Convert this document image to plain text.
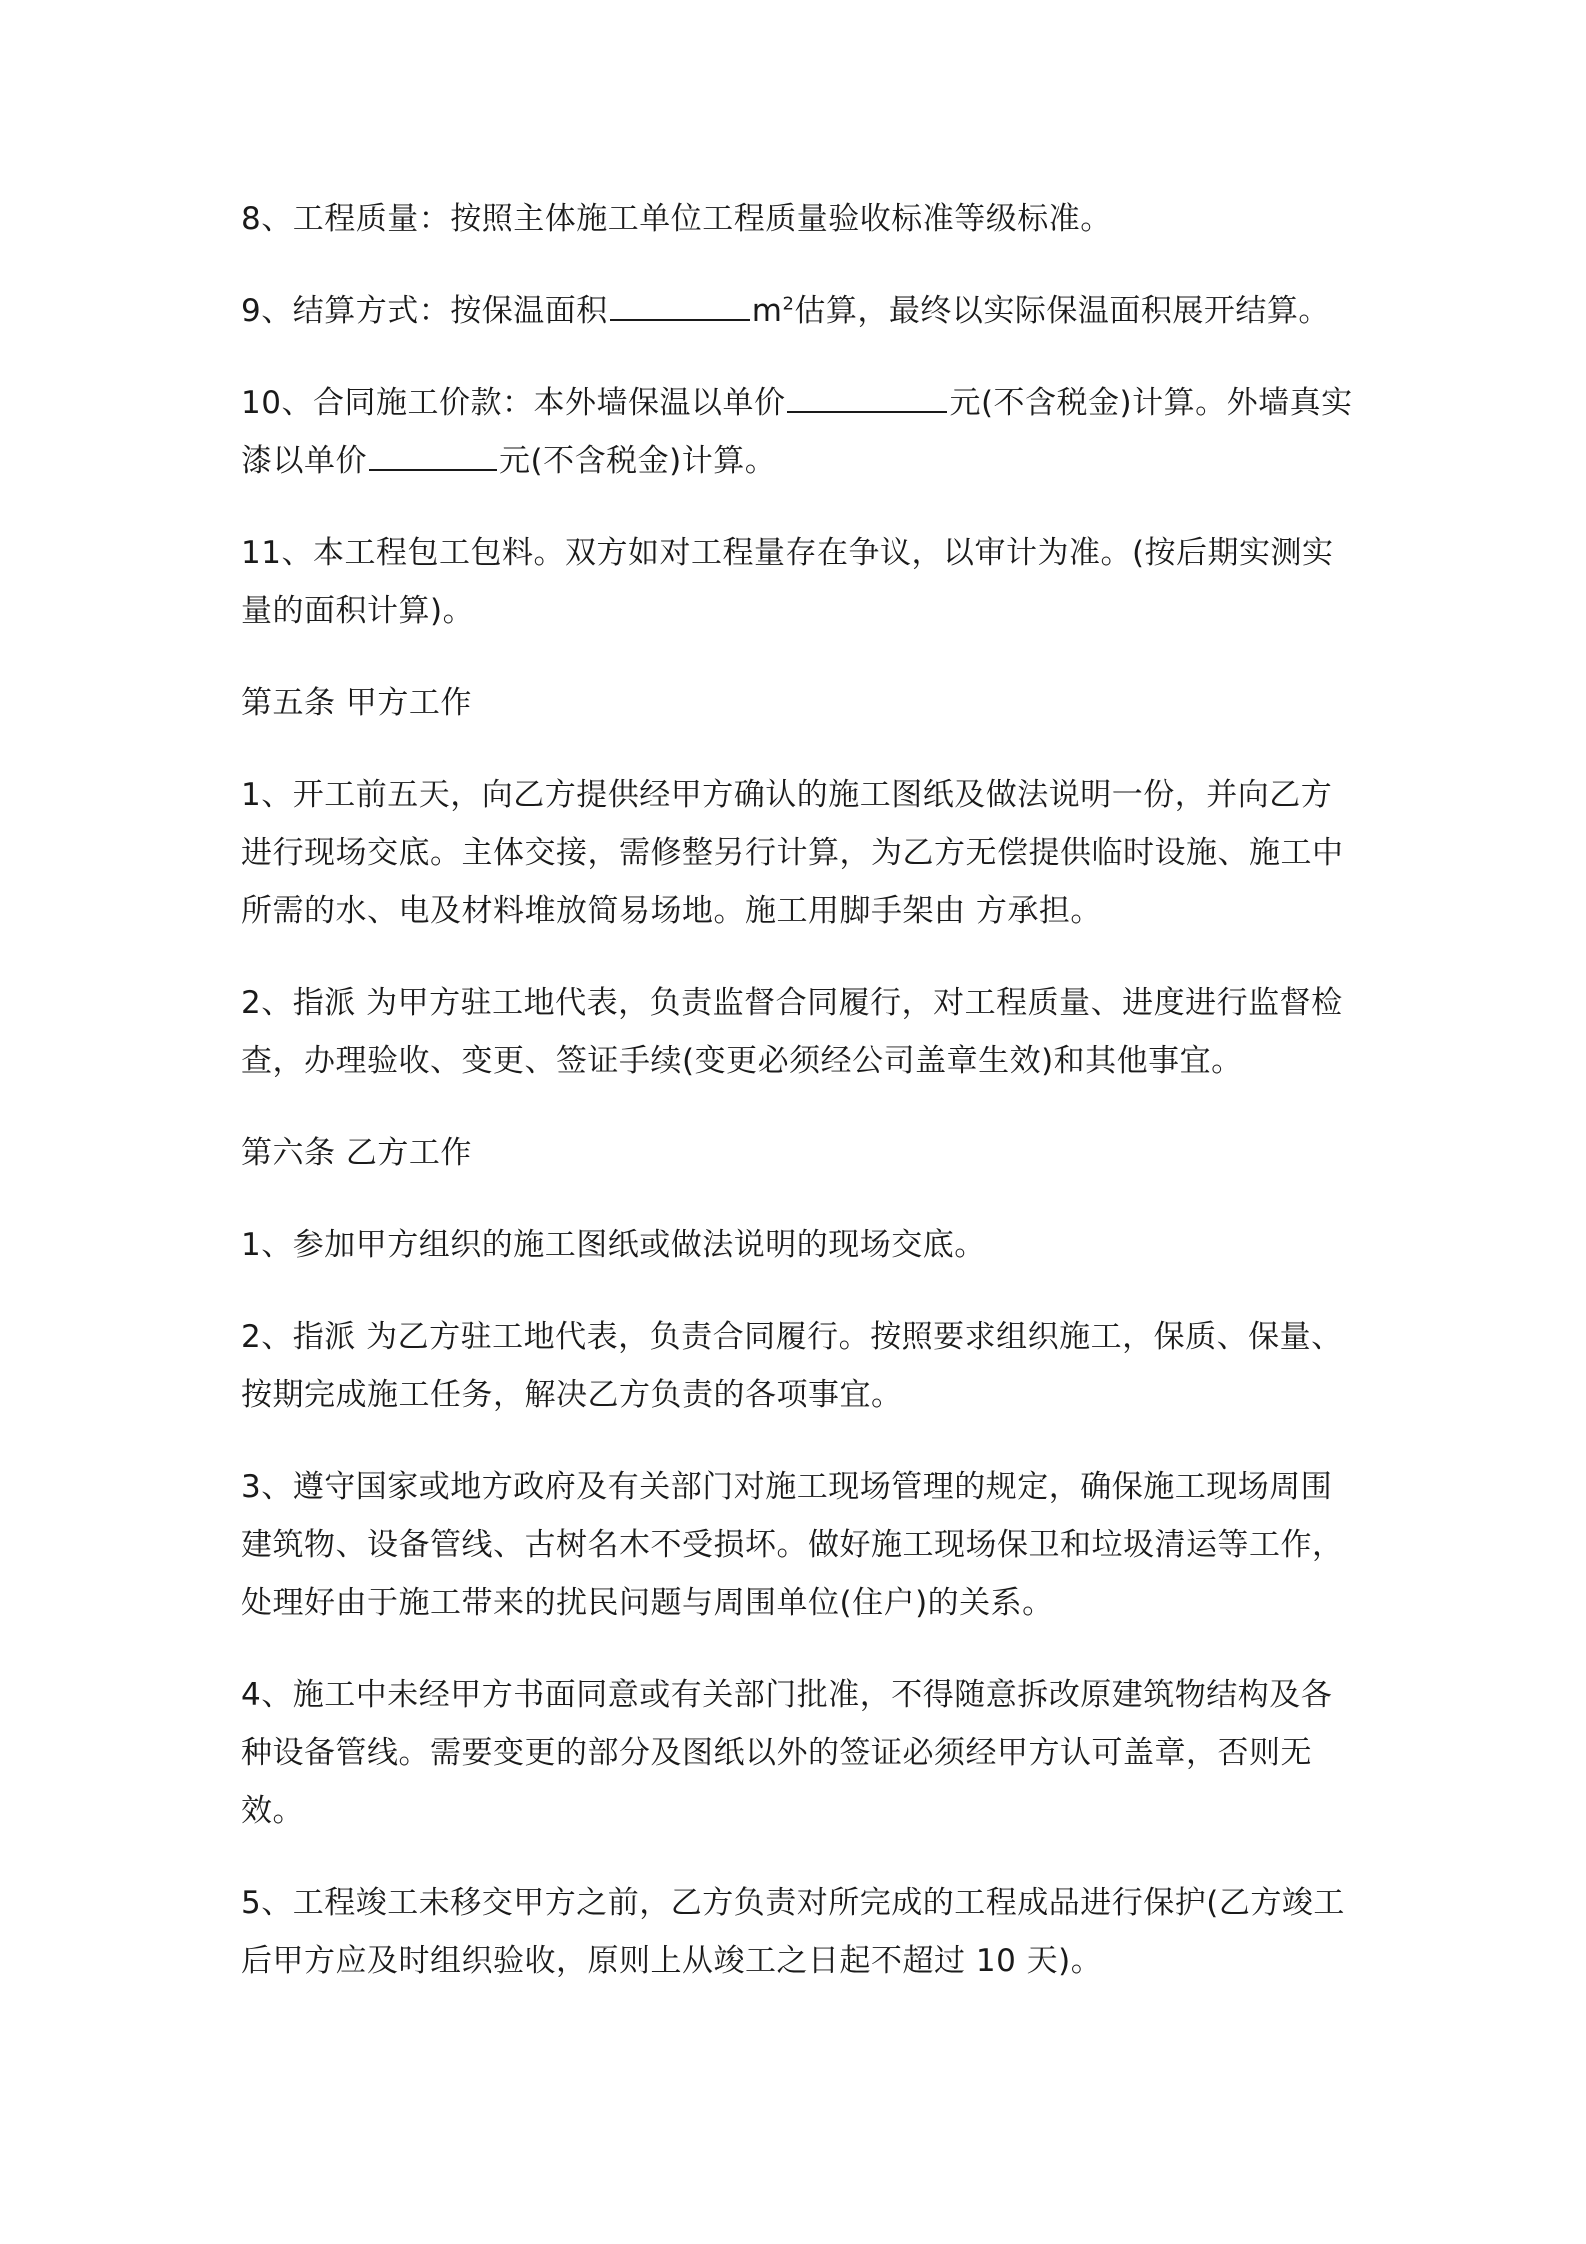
8、工程质量：按照主体施工单位工程质量验收标准等级标准。

9、结算方式：按保温面积	$m^2$估算，最终以实际保温面积展开结算。

10、合同施工价款：本外墙保温以单价	元(不含税金)计算。外墙真实漆以单价	元(不含税金)计算。

11、本工程包工包料。双方如对工程量存在争议，以审计为准。(按后期实测实量的面积计算)。

第五条 甲方工作

1、开工前五天，向乙方提供经甲方确认的施工图纸及做法说明一份，并向乙方进行现场交底。主体交接，需修整另行计算，为乙方无偿提供临时设施、施工中所需的水、电及材料堆放简易场地。施工用脚手架由 方承担。

2、指派 为甲方驻工地代表，负责监督合同履行，对工程质量、进度进行监督检查，办理验收、变更、签证手续(变更必须经公司盖章生效)和其他事宜。

第六条 乙方工作

1、参加甲方组织的施工图纸或做法说明的现场交底。

2、指派 为乙方驻工地代表，负责合同履行。按照要求组织施工，保质、保量、按期完成施工任务，解决乙方负责的各项事宜。

3、遵守国家或地方政府及有关部门对施工现场管理的规定，确保施工现场周围建筑物、设备管线、古树名木不受损坏。做好施工现场保卫和垃圾清运等工作，处理好由于施工带来的扰民问题与周围单位(住户)的关系。

4、施工中未经甲方书面同意或有关部门批准，不得随意拆改原建筑物结构及各种设备管线。需要变更的部分及图纸以外的签证必须经甲方认可盖章，否则无效。

5、工程竣工未移交甲方之前，乙方负责对所完成的工程成品进行保护(乙方竣工后甲方应及时组织验收，原则上从竣工之日起不超过 10 天)。
